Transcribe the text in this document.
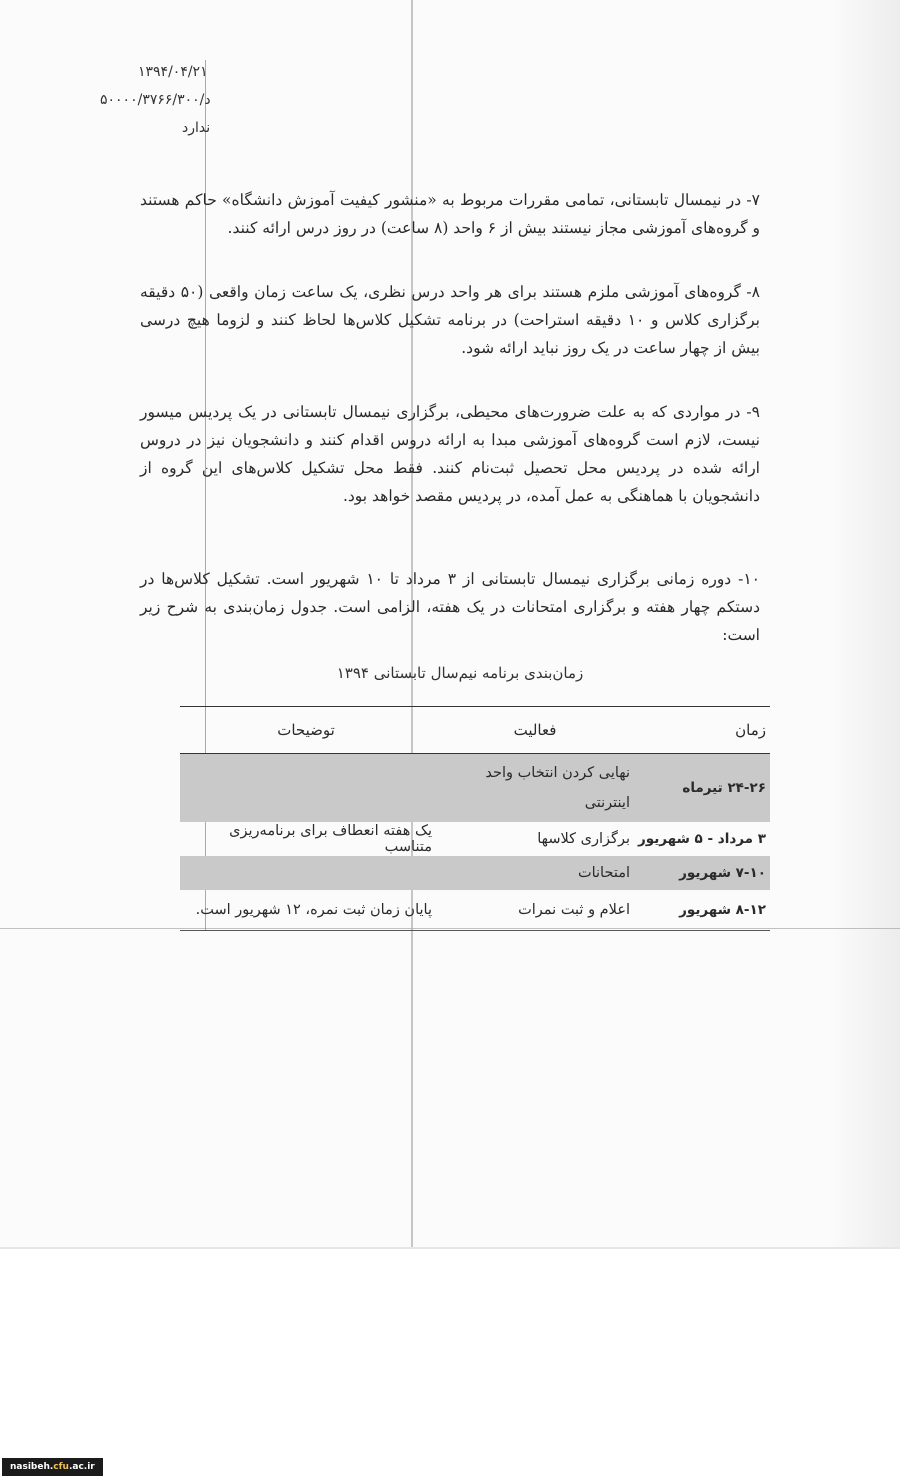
۱۳۹۴/۰۴/۲۱
د/۵۰۰۰۰/۳۷۶۶/۳۰۰
ندارد
۷- در نیمسال تابستانی، تمامی مقررات مربوط به «منشور کیفیت آموزش دانشگاه» حاکم هستند و گروه‌های آموزشی مجاز نیستند بیش از ۶ واحد (۸ ساعت) در روز درس ارائه کنند.
۸- گروه‌های آموزشی ملزم هستند برای هر واحد درس نظری، یک ساعت زمان واقعی (۵۰ دقیقه برگزاری کلاس و ۱۰ دقیقه استراحت) در برنامه تشکیل کلاس‌ها لحاظ کنند و لزوما هیچ درسی بیش از چهار ساعت در یک روز نباید ارائه شود.
۹- در مواردی که به علت ضرورت‌های محیطی، برگزاری نیمسال تابستانی در یک پردیس میسور نیست، لازم است گروه‌های آموزشی مبدا به ارائه دروس اقدام کنند و دانشجویان نیز در دروس ارائه شده در پردیس محل تحصیل ثبت‌نام کنند. فقط محل تشکیل کلاس‌های این گروه از دانشجویان با هماهنگی به عمل آمده، در پردیس مقصد خواهد بود.
۱۰- دوره زمانی برگزاری نیمسال تابستانی از ۳ مرداد تا ۱۰ شهریور است. تشکیل کلاس‌ها در دستکم چهار هفته و برگزاری امتحانات در یک هفته، الزامی است. جدول زمان‌بندی به شرح زیر است:
زمان‌بندی برنامه نیم‌سال تابستانی ۱۳۹۴
زمان
فعالیت
توضیحات
۲۴-۲۶ تیرماه
نهایی کردن انتخاب واحد اینترنتی
۳ مرداد - ۵ شهریور
برگزاری کلاسها
یک هفته انعطاف برای برنامه‌ریزی متناسب
۷-۱۰ شهریور
امتحانات
۸-۱۲ شهریور
اعلام و ثبت نمرات
پایان زمان ثبت نمره، ۱۲ شهریور است.
nasibeh. cfu .ac.ir
